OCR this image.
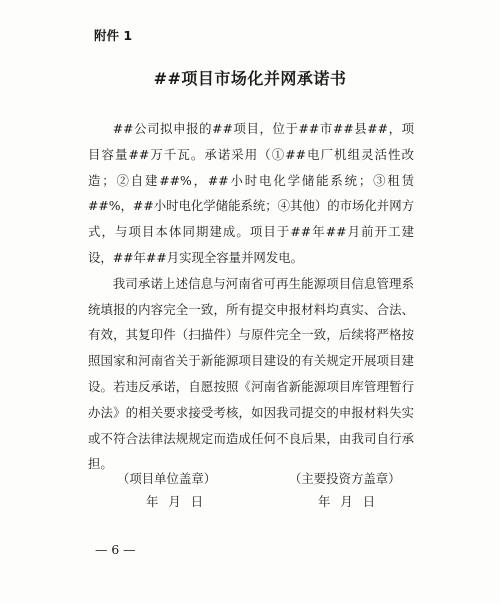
附件 1
##项目市场化并网承诺书

##公司拟申报的##项目，位于##市##县##，项目容量##万千瓦。承诺采用（①##电厂机组灵活性改造；②自建##%，##小时电化学储能系统；③租赁##%，##小时电化学储能系统；④其他）的市场化并网方式，与项目本体同期建成。项目于##年##月前开工建设，##年##月实现全容量并网发电。

我司承诺上述信息与河南省可再生能源项目信息管理系统填报的内容完全一致，所有提交申报材料均真实、合法、有效，其复印件（扫描件）与原件完全一致，后续将严格按照国家和河南省关于新能源项目建设的有关规定开展项目建设。若违反承诺，自愿按照《河南省新能源项目库管理暂行办法》的相关要求接受考核，如因我司提交的申报材料失实或不符合法律法规规定而造成任何不良后果，由我司自行承担。

（项目单位盖章）	（主要投资方盖章）
年月日	年月日
— 6 —
